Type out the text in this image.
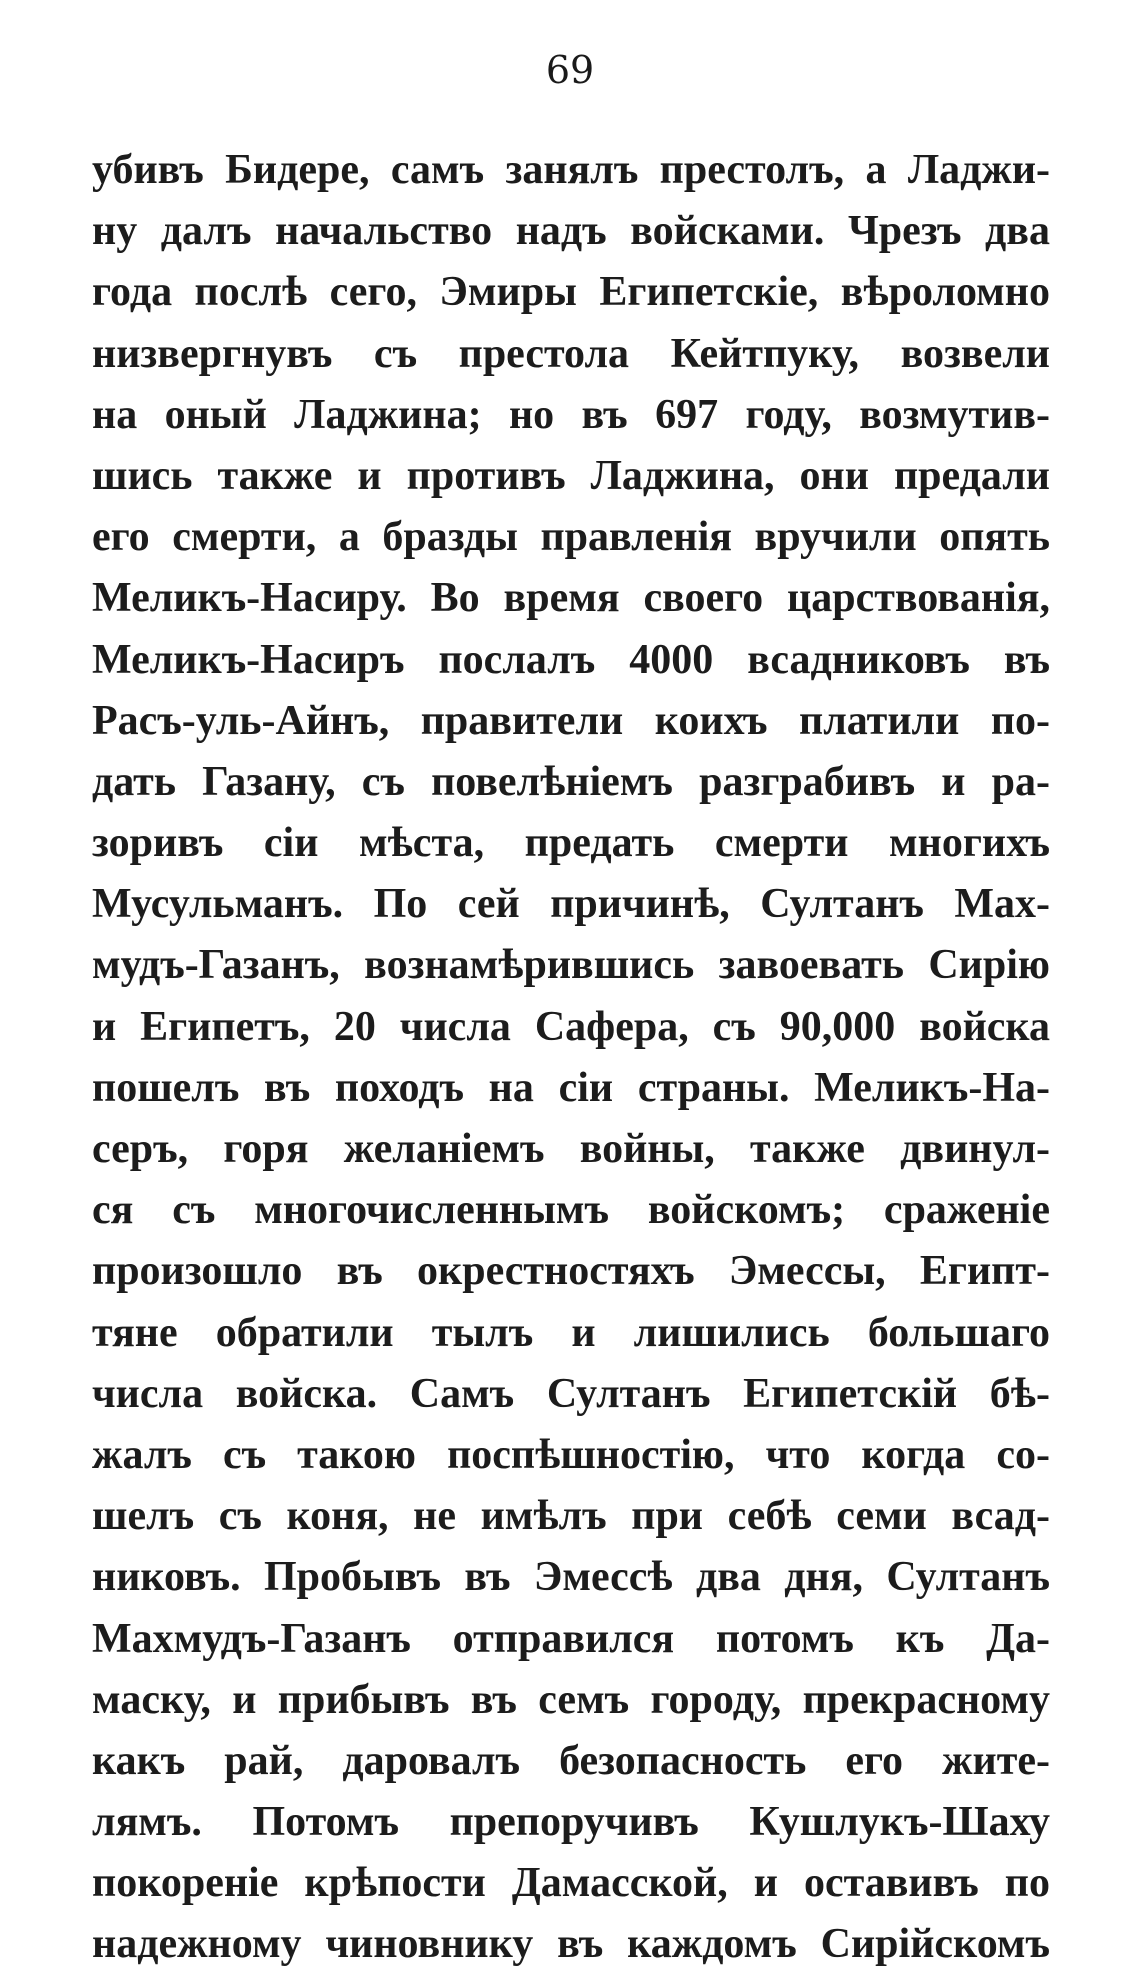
69
убивъ Бидере, самъ занялъ престолъ, а Ладжи-
ну далъ начальство надъ войсками. Чрезъ два
года послѣ сего, Эмиры Египетскіе, вѣроломно
низвергнувъ съ престола Кейтпуку, возвели
на оный Ладжина; но въ 697 году, возмутив-
шись также и противъ Ладжина, они предали
его смерти, а бразды правленія вручили опять
Меликъ-Насиру. Во время своего царствованія,
Меликъ-Насиръ послалъ 4000 всадниковъ въ
Расъ-уль-Айнъ, правители коихъ платили по-
дать Газану, съ повелѣніемъ разграбивъ и ра-
зоривъ сіи мѣста, предать смерти многихъ
Мусульманъ. По сей причинѣ, Султанъ Мах-
мудъ-Газанъ, вознамѣрившись завоевать Сирію
и Египетъ, 20 числа Сафера, съ 90,000 войска
пошелъ въ походъ на сіи страны. Меликъ-На-
серъ, горя желаніемъ войны, также двинул-
ся съ многочисленнымъ войскомъ; сраженіе
произошло въ окрестностяхъ Эмессы, Египт-
тяне обратили тылъ и лишились большаго
числа войска. Самъ Султанъ Египетскій бѣ-
жалъ съ такою поспѣшностію, что когда со-
шелъ съ коня, не имѣлъ при себѣ семи всад-
никовъ. Пробывъ въ Эмессѣ два дня, Султанъ
Махмудъ-Газанъ отправился потомъ къ Да-
маску, и прибывъ въ семъ городу, прекрасному
какъ рай, даровалъ безопасность его жите-
лямъ. Потомъ препоручивъ Кушлукъ-Шаху
покореніе крѣпости Дамасской, и оставивъ по
надежному чиновнику въ каждомъ Сирійскомъ
